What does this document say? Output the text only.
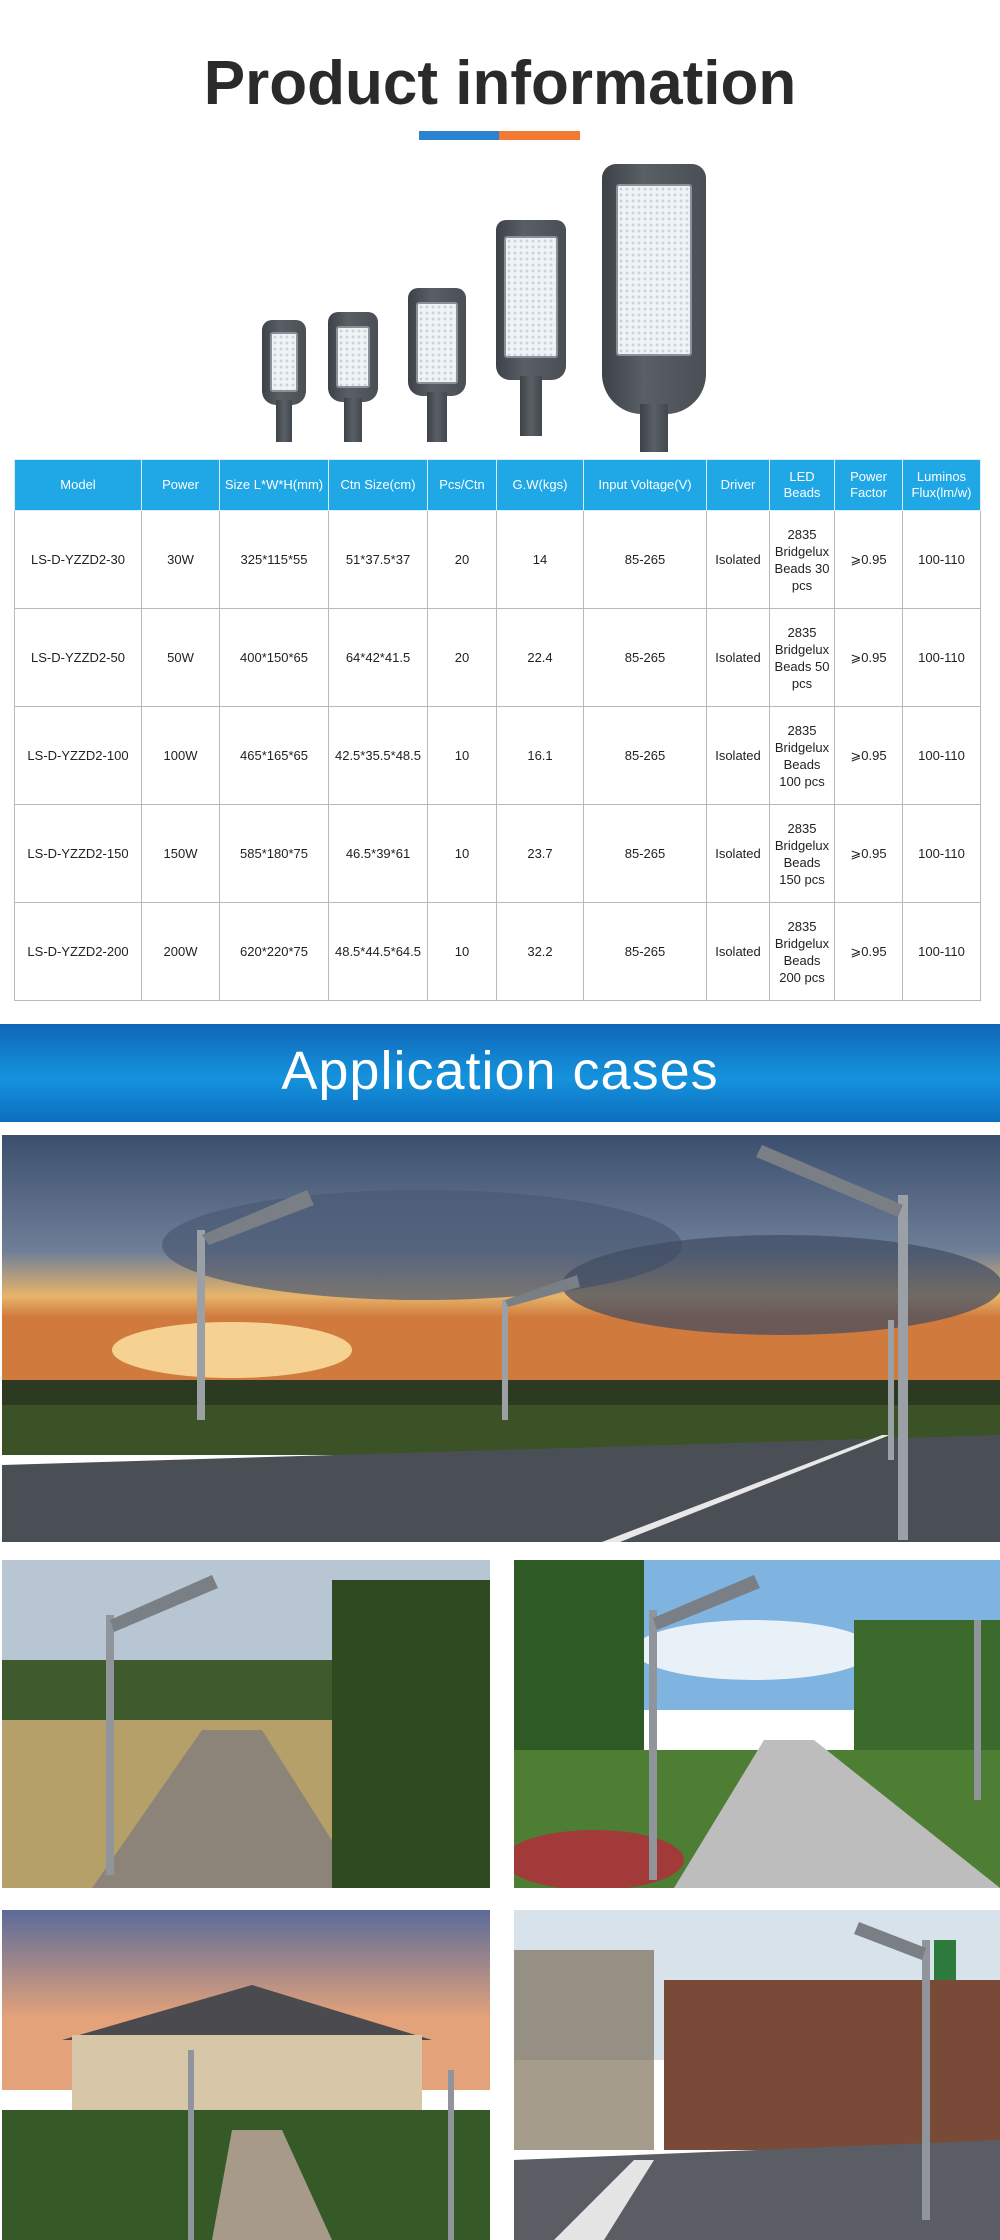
Product information
Model	Power	Size L*W*H(mm)	Ctn Size(cm)	Pcs/Ctn	G.W(kgs)	Input Voltage(V)	Driver	LED Beads	Power Factor	Luminos Flux(lm/w)
LS-D-YZZD2-30	30W	325*115*55	51*37.5*37	20	14	85-265	Isolated	2835 Bridgelux Beads 30 pcs	⩾0.95	100-110
LS-D-YZZD2-50	50W	400*150*65	64*42*41.5	20	22.4	85-265	Isolated	2835 Bridgelux Beads 50 pcs	⩾0.95	100-110
LS-D-YZZD2-100	100W	465*165*65	42.5*35.5*48.5	10	16.1	85-265	Isolated	2835 Bridgelux Beads 100 pcs	⩾0.95	100-110
LS-D-YZZD2-150	150W	585*180*75	46.5*39*61	10	23.7	85-265	Isolated	2835 Bridgelux Beads 150 pcs	⩾0.95	100-110
LS-D-YZZD2-200	200W	620*220*75	48.5*44.5*64.5	10	32.2	85-265	Isolated	2835 Bridgelux Beads 200 pcs	⩾0.95	100-110
Application cases
